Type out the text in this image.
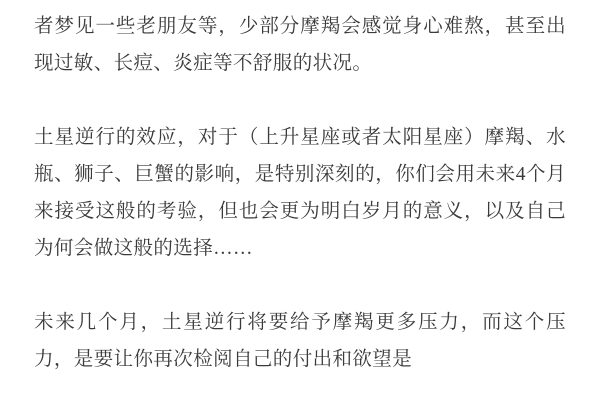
者梦见一些老朋友等，少部分摩羯会感觉身心难熬，甚至出现过敏、长痘、炎症等不舒服的状况。

土星逆行的效应，对于（上升星座或者太阳星座）摩羯、水瓶、狮子、巨蟹的影响，是特别深刻的，你们会用未来4个月来接受这般的考验，但也会更为明白岁月的意义，以及自己为何会做这般的选择……

未来几个月，土星逆行将要给予摩羯更多压力，而这个压力，是要让你再次检阅自己的付出和欲望是
